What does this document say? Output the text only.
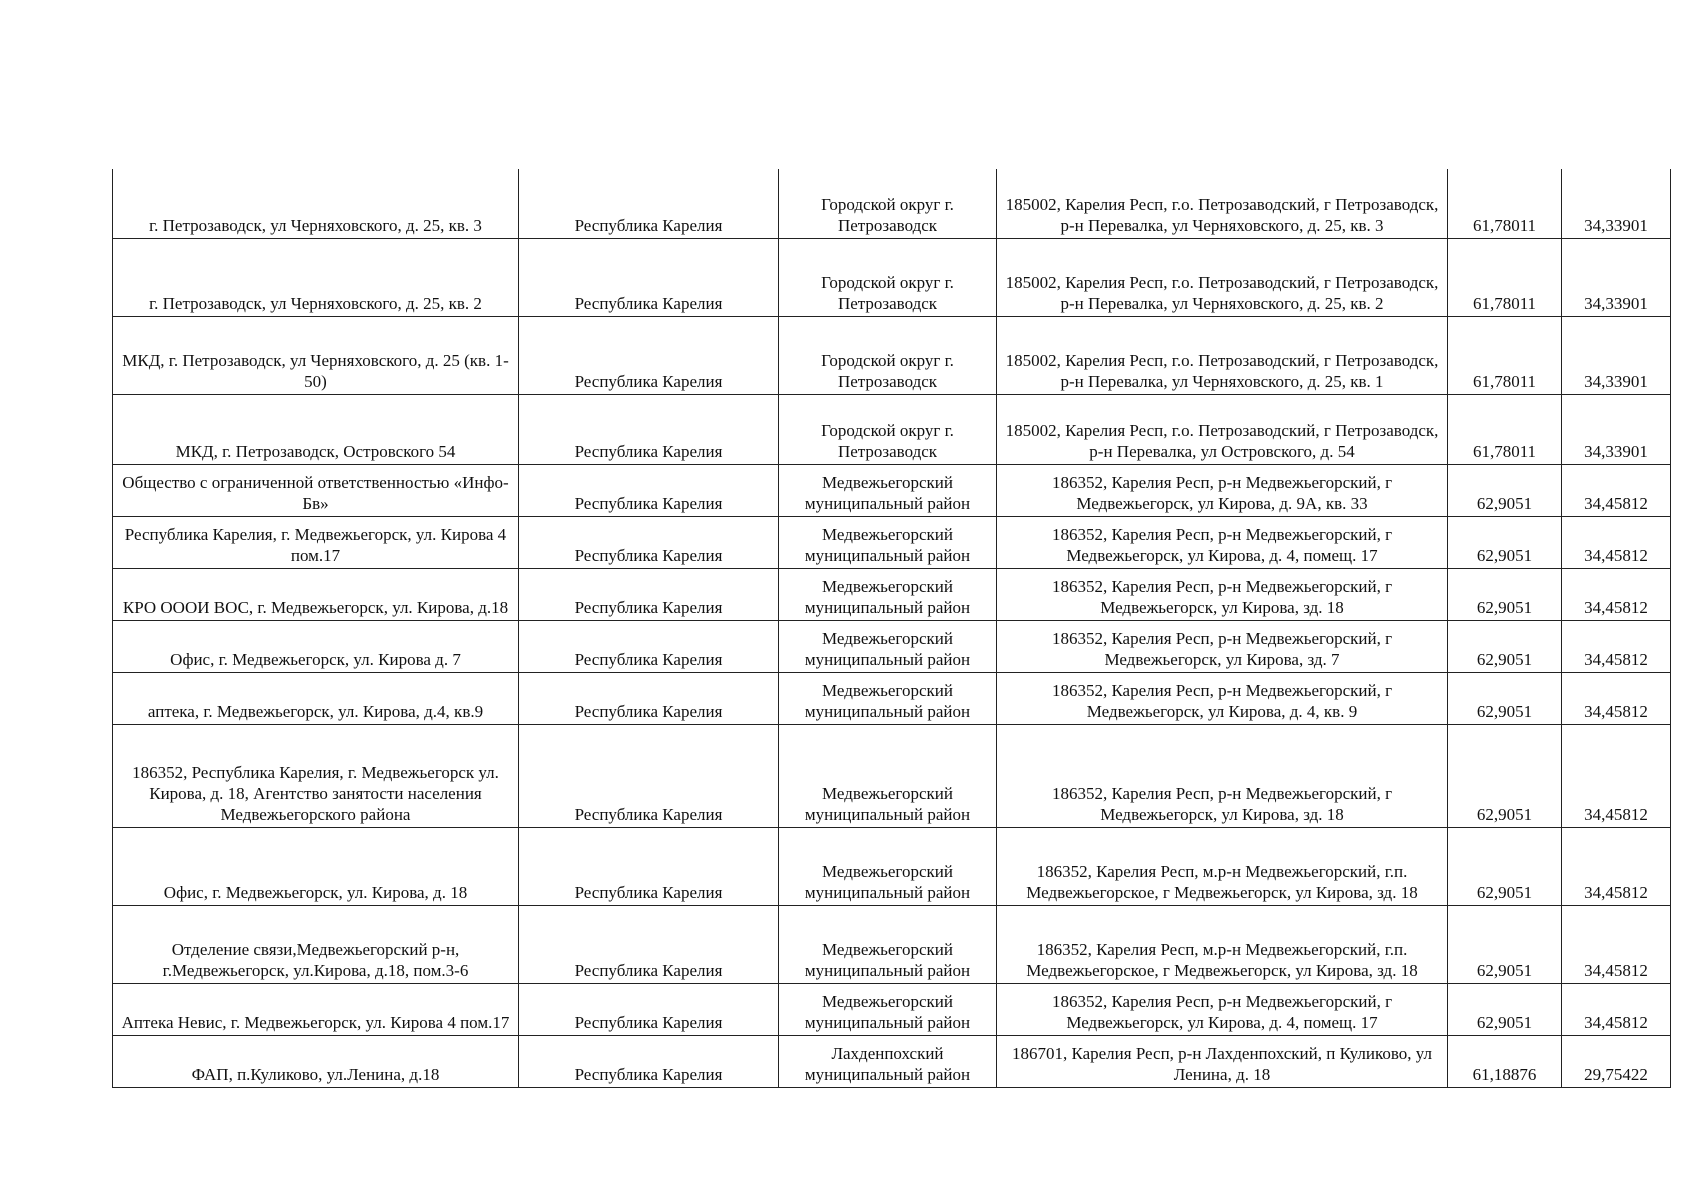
г. Петрозаводск, ул Черняховского, д. 25, кв. 3	Республика Карелия	Городской округ г. Петрозаводск	185002, Карелия Респ, г.о. Петрозаводский, г Петрозаводск, р-н Перевалка, ул Черняховского, д. 25, кв. 3	61,78011	34,33901
г. Петрозаводск, ул Черняховского, д. 25, кв. 2	Республика Карелия	Городской округ г. Петрозаводск	185002, Карелия Респ, г.о. Петрозаводский, г Петрозаводск, р-н Перевалка, ул Черняховского, д. 25, кв. 2	61,78011	34,33901
МКД, г. Петрозаводск, ул Черняховского, д. 25 (кв. 1-50)	Республика Карелия	Городской округ г. Петрозаводск	185002, Карелия Респ, г.о. Петрозаводский, г Петрозаводск, р-н Перевалка, ул Черняховского, д. 25, кв. 1	61,78011	34,33901
МКД, г. Петрозаводск, Островского 54	Республика Карелия	Городской округ г. Петрозаводск	185002, Карелия Респ, г.о. Петрозаводский, г Петрозаводск, р-н Перевалка, ул Островского, д. 54	61,78011	34,33901
Общество с ограниченной ответственностью «Инфо-Бв»	Республика Карелия	Медвежьегорский муниципальный район	186352, Карелия Респ, р-н Медвежьегорский, г Медвежьегорск, ул Кирова, д. 9А, кв. 33	62,9051	34,45812
Республика Карелия, г. Медвежьегорск, ул. Кирова 4 пом.17	Республика Карелия	Медвежьегорский муниципальный район	186352, Карелия Респ, р-н Медвежьегорский, г Медвежьегорск, ул Кирова, д. 4, помещ. 17	62,9051	34,45812
КРО ОООИ ВОС, г. Медвежьегорск, ул. Кирова, д.18	Республика Карелия	Медвежьегорский муниципальный район	186352, Карелия Респ, р-н Медвежьегорский, г Медвежьегорск, ул Кирова, зд. 18	62,9051	34,45812
Офис, г. Медвежьегорск, ул. Кирова д. 7	Республика Карелия	Медвежьегорский муниципальный район	186352, Карелия Респ, р-н Медвежьегорский, г Медвежьегорск, ул Кирова, зд. 7	62,9051	34,45812
аптека, г. Медвежьегорск, ул. Кирова, д.4, кв.9	Республика Карелия	Медвежьегорский муниципальный район	186352, Карелия Респ, р-н Медвежьегорский, г Медвежьегорск, ул Кирова, д. 4, кв. 9	62,9051	34,45812
186352, Республика Карелия, г. Медвежьегорск ул. Кирова, д. 18, Агентство занятости населения Медвежьегорского района	Республика Карелия	Медвежьегорский муниципальный район	186352, Карелия Респ, р-н Медвежьегорский, г Медвежьегорск, ул Кирова, зд. 18	62,9051	34,45812
Офис, г. Медвежьегорск, ул. Кирова, д. 18	Республика Карелия	Медвежьегорский муниципальный район	186352, Карелия Респ, м.р-н Медвежьегорский, г.п. Медвежьегорское, г Медвежьегорск, ул Кирова, зд. 18	62,9051	34,45812
Отделение связи,Медвежьегорский р-н, г.Медвежьегорск, ул.Кирова, д.18, пом.3-6	Республика Карелия	Медвежьегорский муниципальный район	186352, Карелия Респ, м.р-н Медвежьегорский, г.п. Медвежьегорское, г Медвежьегорск, ул Кирова, зд. 18	62,9051	34,45812
Аптека Невис, г. Медвежьегорск, ул. Кирова 4 пом.17	Республика Карелия	Медвежьегорский муниципальный район	186352, Карелия Респ, р-н Медвежьегорский, г Медвежьегорск, ул Кирова, д. 4, помещ. 17	62,9051	34,45812
ФАП, п.Куликово, ул.Ленина, д.18	Республика Карелия	Лахденпохский муниципальный район	186701, Карелия Респ, р-н Лахденпохский, п Куликово, ул Ленина, д. 18	61,18876	29,75422
